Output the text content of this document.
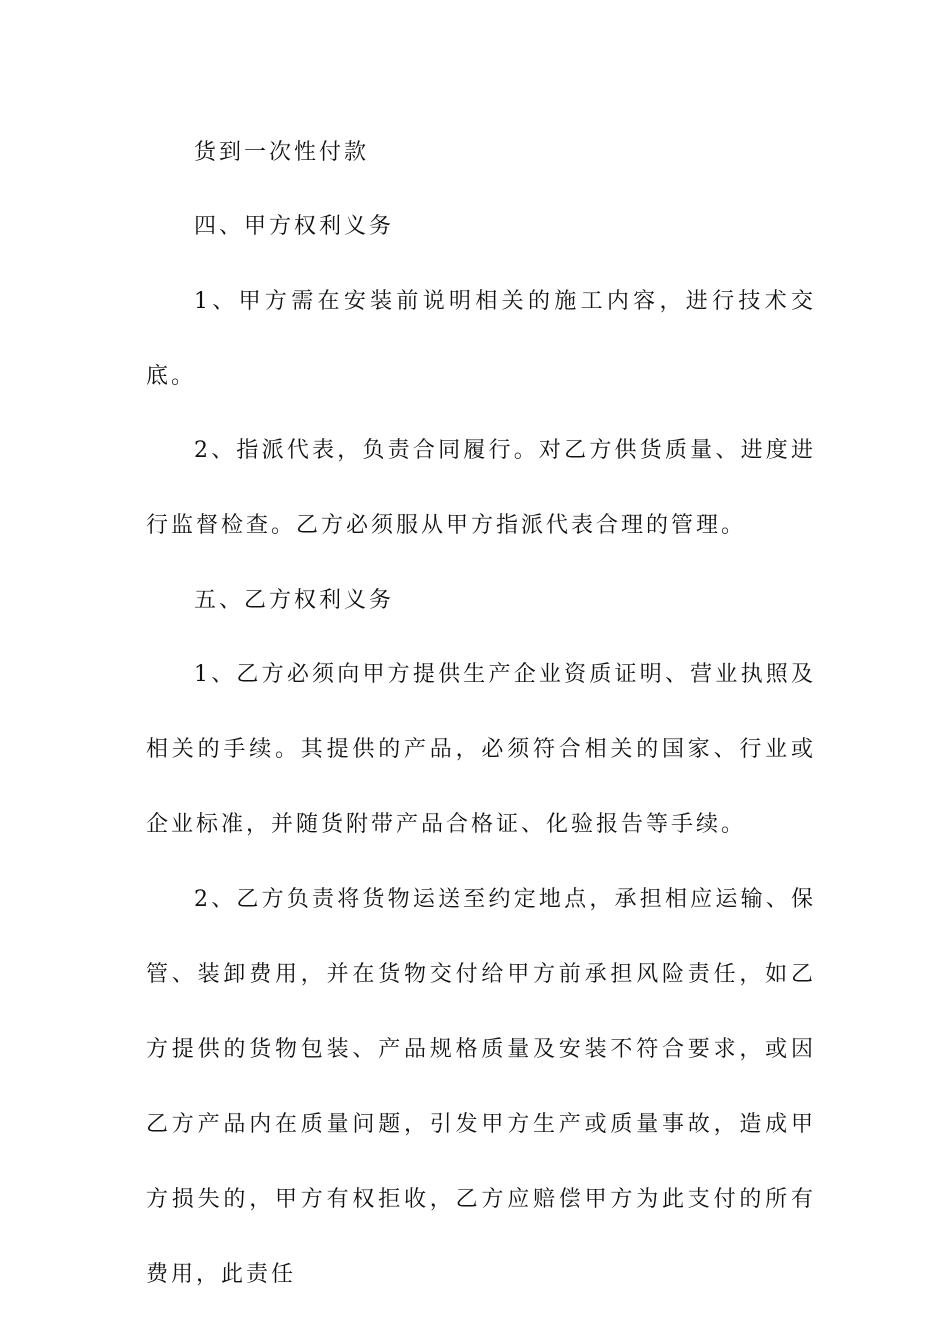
货到一次性付款

四、甲方权利义务

1、甲方需在安装前说明相关的施工内容，进行技术交底。

2、指派代表，负责合同履行。对乙方供货质量、进度进行监督检查。乙方必须服从甲方指派代表合理的管理。

五、乙方权利义务

1、乙方必须向甲方提供生产企业资质证明、营业执照及相关的手续。其提供的产品，必须符合相关的国家、行业或企业标准，并随货附带产品合格证、化验报告等手续。

2、乙方负责将货物运送至约定地点，承担相应运输、保管、装卸费用，并在货物交付给甲方前承担风险责任，如乙方提供的货物包装、产品规格质量及安装不符合要求，或因乙方产品内在质量问题，引发甲方生产或质量事故，造成甲方损失的，甲方有权拒收，乙方应赔偿甲方为此支付的所有费用，此责任
